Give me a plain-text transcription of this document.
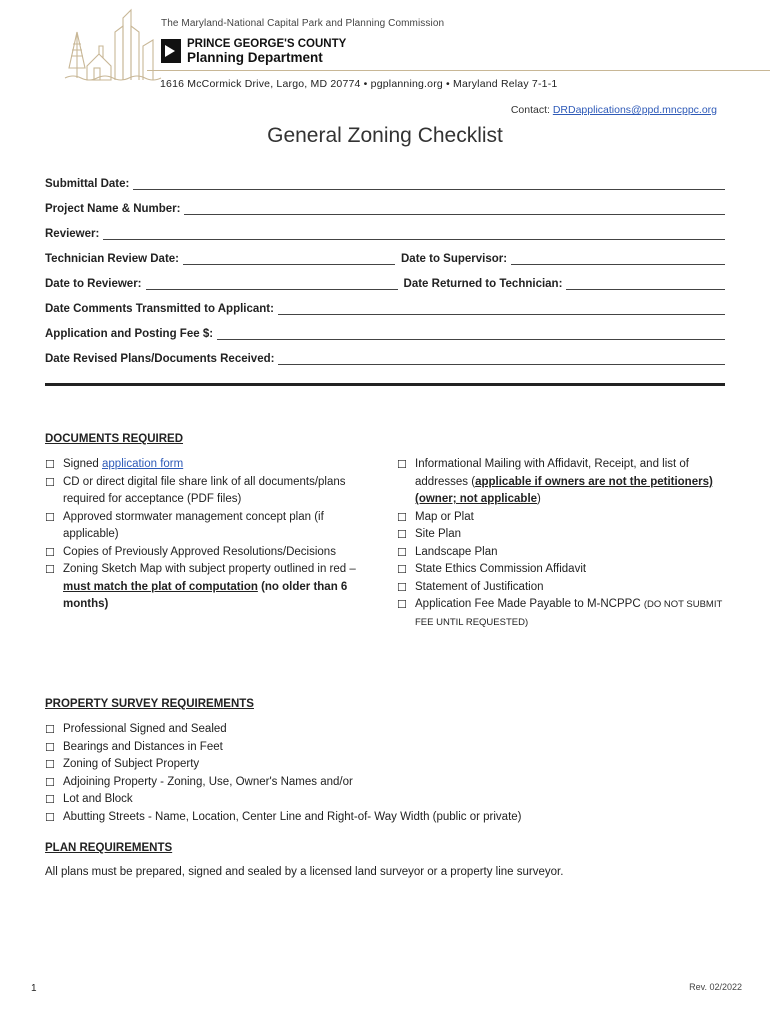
The Maryland-National Capital Park and Planning Commission
PRINCE GEORGE'S COUNTY
Planning Department
1616 McCormick Drive, Largo, MD 20774 • pgplanning.org • Maryland Relay 7-1-1
Contact: DRDapplications@ppd.mncppc.org
General Zoning Checklist
Submittal Date:
Project Name & Number:
Reviewer:
Technician Review Date:	Date to Supervisor:
Date to Reviewer:	Date Returned to Technician:
Date Comments Transmitted to Applicant:
Application and Posting Fee $:
Date Revised Plans/Documents Received:
DOCUMENTS REQUIRED
☐ Signed application form
☐ CD or direct digital file share link of all documents/plans required for acceptance (PDF files)
☐ Approved stormwater management concept plan (if applicable)
☐ Copies of Previously Approved Resolutions/Decisions
☐ Zoning Sketch Map with subject property outlined in red – must match the plat of computation (no older than 6 months)
☐ Informational Mailing with Affidavit, Receipt, and list of addresses (applicable if owners are not the petitioners) (owner; not applicable)
☐ Map or Plat
☐ Site Plan
☐ Landscape Plan
☐ State Ethics Commission Affidavit
☐ Statement of Justification
☐ Application Fee Made Payable to M-NCPPC (DO NOT SUBMIT FEE UNTIL REQUESTED)
PROPERTY SURVEY REQUIREMENTS
☐ Professional Signed and Sealed
☐ Bearings and Distances in Feet
☐ Zoning of Subject Property
☐ Adjoining Property - Zoning, Use, Owner's Names and/or
☐ Lot and Block
☐ Abutting Streets - Name, Location, Center Line and Right-of- Way Width (public or private)
PLAN REQUIREMENTS
All plans must be prepared, signed and sealed by a licensed land surveyor or a property line surveyor.
1	Rev. 02/2022
